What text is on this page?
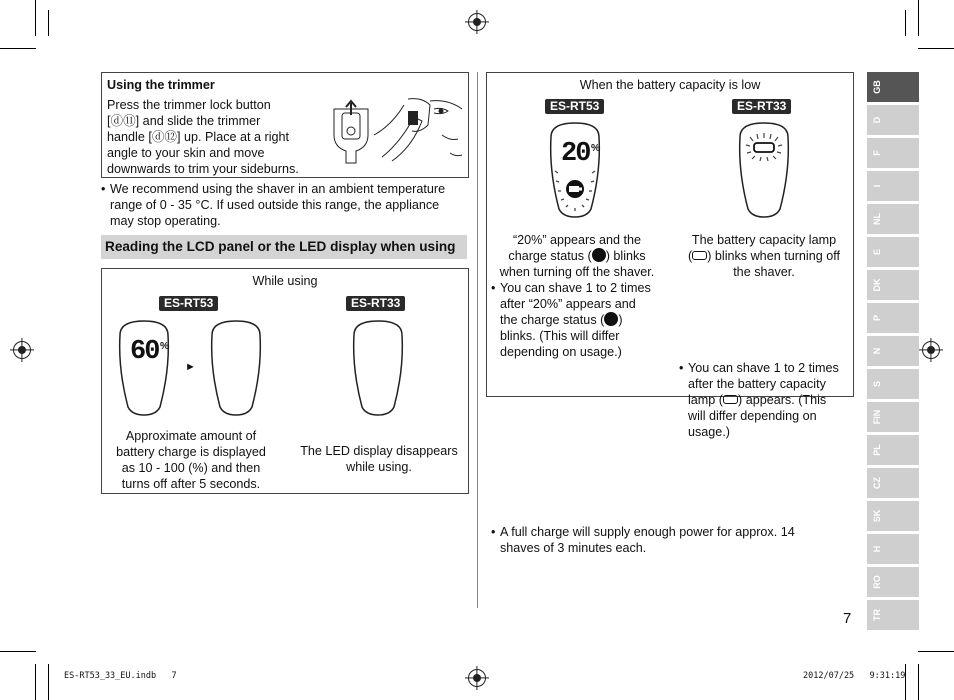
Using the trimmer
Press the trimmer lock button
[ⓓ⑪] and slide the trimmer
handle [ⓓ⑫] up. Place at a right
angle to your skin and move
downwards to trim your sideburns.
• We recommend using the shaver in an ambient temperature
range of 0 - 35 °C. If used outside this range, the appliance
may stop operating.
Reading the LCD panel or the LED display when using
While using
ES-RT53	ES-RT33
60 %
►
Approximate amount of
battery charge is displayed
as 10 - 100 (%) and then
turns off after 5 seconds.
The LED display disappears
while using.
When the battery capacity is low
ES-RT53	ES-RT33
20 %
“20%” appears and the
charge status ( ) blinks
when turning off the shaver.
The battery capacity lamp
( ) blinks when turning off
the shaver.
• You can shave 1 to 2 times
after “20%” appears and
the charge status ( )
blinks. (This will differ
depending on usage.)
• You can shave 1 to 2 times
after the battery capacity
lamp ( ) appears. (This
will differ depending on
usage.)
• A full charge will supply enough power for approx. 14
shaves of 3 minutes each.
GB
D
F
I
NL
E
DK
P
N
S
FIN
PL
CZ
SK
H
RO
TR
7
ES-RT53_33_EU.indb   7	2012/07/25   9:31:19
